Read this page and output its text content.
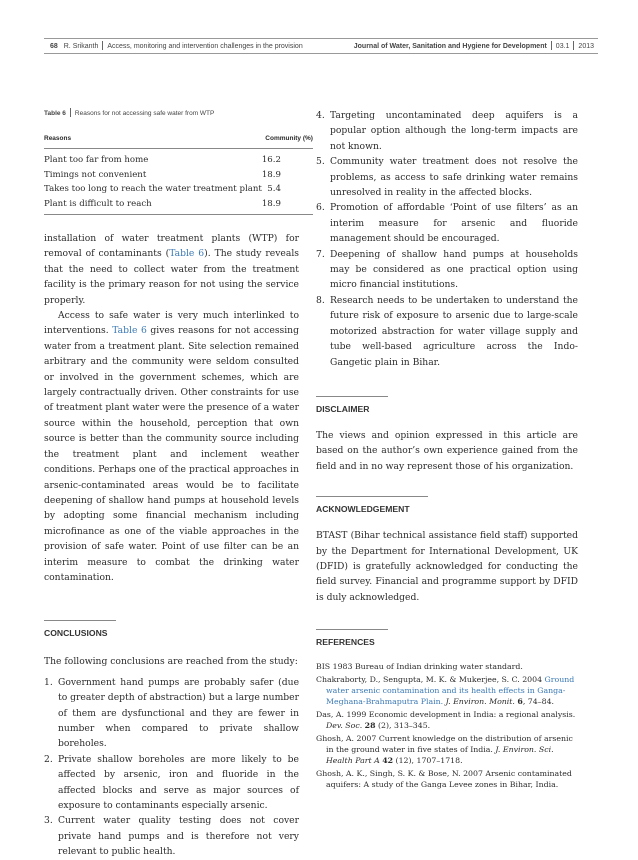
68 R. Srikanth Access, monitoring and intervention challenges in the provision	Journal of Water, Sanitation and Hygiene for Development 03.1 2013
Table 6 Reasons for not accessing safe water from WTP
Reasons	Community (%)
Plant too far from home	16.2
Timings not convenient	18.9
Takes too long to reach the water treatment plant	5.4
Plant is difficult to reach	18.9

installation of water treatment plants (WTP) for removal of contaminants (Table 6). The study reveals that the need to collect water from the treatment facility is the primary reason for not using the service properly.

Access to safe water is very much interlinked to interventions. Table 6 gives reasons for not accessing water from a treatment plant. Site selection remained arbitrary and the community were seldom consulted or involved in the government schemes, which are largely contractually driven. Other constraints for use of treatment plant water were the presence of a water source within the household, perception that own source is better than the community source including the treatment plant and inclement weather conditions. Perhaps one of the practical approaches in arsenic-contaminated areas would be to facilitate deepening of shallow hand pumps at household levels by adopting some financial mechanism including microfinance as one of the viable approaches in the provision of safe water. Point of use filter can be an interim measure to combat the drinking water contamination.

CONCLUSIONS

The following conclusions are reached from the study:

1. Government hand pumps are probably safer (due to greater depth of abstraction) but a large number of them are dysfunctional and they are fewer in number when compared to private shallow boreholes.
2. Private shallow boreholes are more likely to be affected by arsenic, iron and fluoride in the affected blocks and serve as major sources of exposure to contaminants especially arsenic.
3. Current water quality testing does not cover private hand pumps and is therefore not very relevant to public health.
4. Targeting uncontaminated deep aquifers is a popular option although the long-term impacts are not known.
5. Community water treatment does not resolve the problems, as access to safe drinking water remains unresolved in reality in the affected blocks.
6. Promotion of affordable ‘Point of use filters’ as an interim measure for arsenic and fluoride management should be encouraged.
7. Deepening of shallow hand pumps at households may be considered as one practical option using micro financial institutions.
8. Research needs to be undertaken to understand the future risk of exposure to arsenic due to large-scale motorized abstraction for water village supply and tube well-based agriculture across the Indo-Gangetic plain in Bihar.
DISCLAIMER

The views and opinion expressed in this article are based on the author’s own experience gained from the field and in no way represent those of his organization.

ACKNOWLEDGEMENT

BTAST (Bihar technical assistance field staff) supported by the Department for International Development, UK (DFID) is gratefully acknowledged for conducting the field survey. Financial and programme support by DFID is duly acknowledged.

REFERENCES

BIS 1983 Bureau of Indian drinking water standard.

Chakraborty, D., Sengupta, M. K. & Mukerjee, S. C. 2004 Ground water arsenic contamination and its health effects in Ganga-Meghana-Brahmaputra Plain. J. Environ. Monit. 6, 74–84.

Das, A. 1999 Economic development in India: a regional analysis. Dev. Soc. 28 (2), 313–345.

Ghosh, A. 2007 Current knowledge on the distribution of arsenic in the ground water in five states of India. J. Environ. Sci. Health Part A 42 (12), 1707–1718.

Ghosh, A. K., Singh, S. K. & Bose, N. 2007 Arsenic contaminated aquifers: A study of the Ganga Levee zones in Bihar, India.
